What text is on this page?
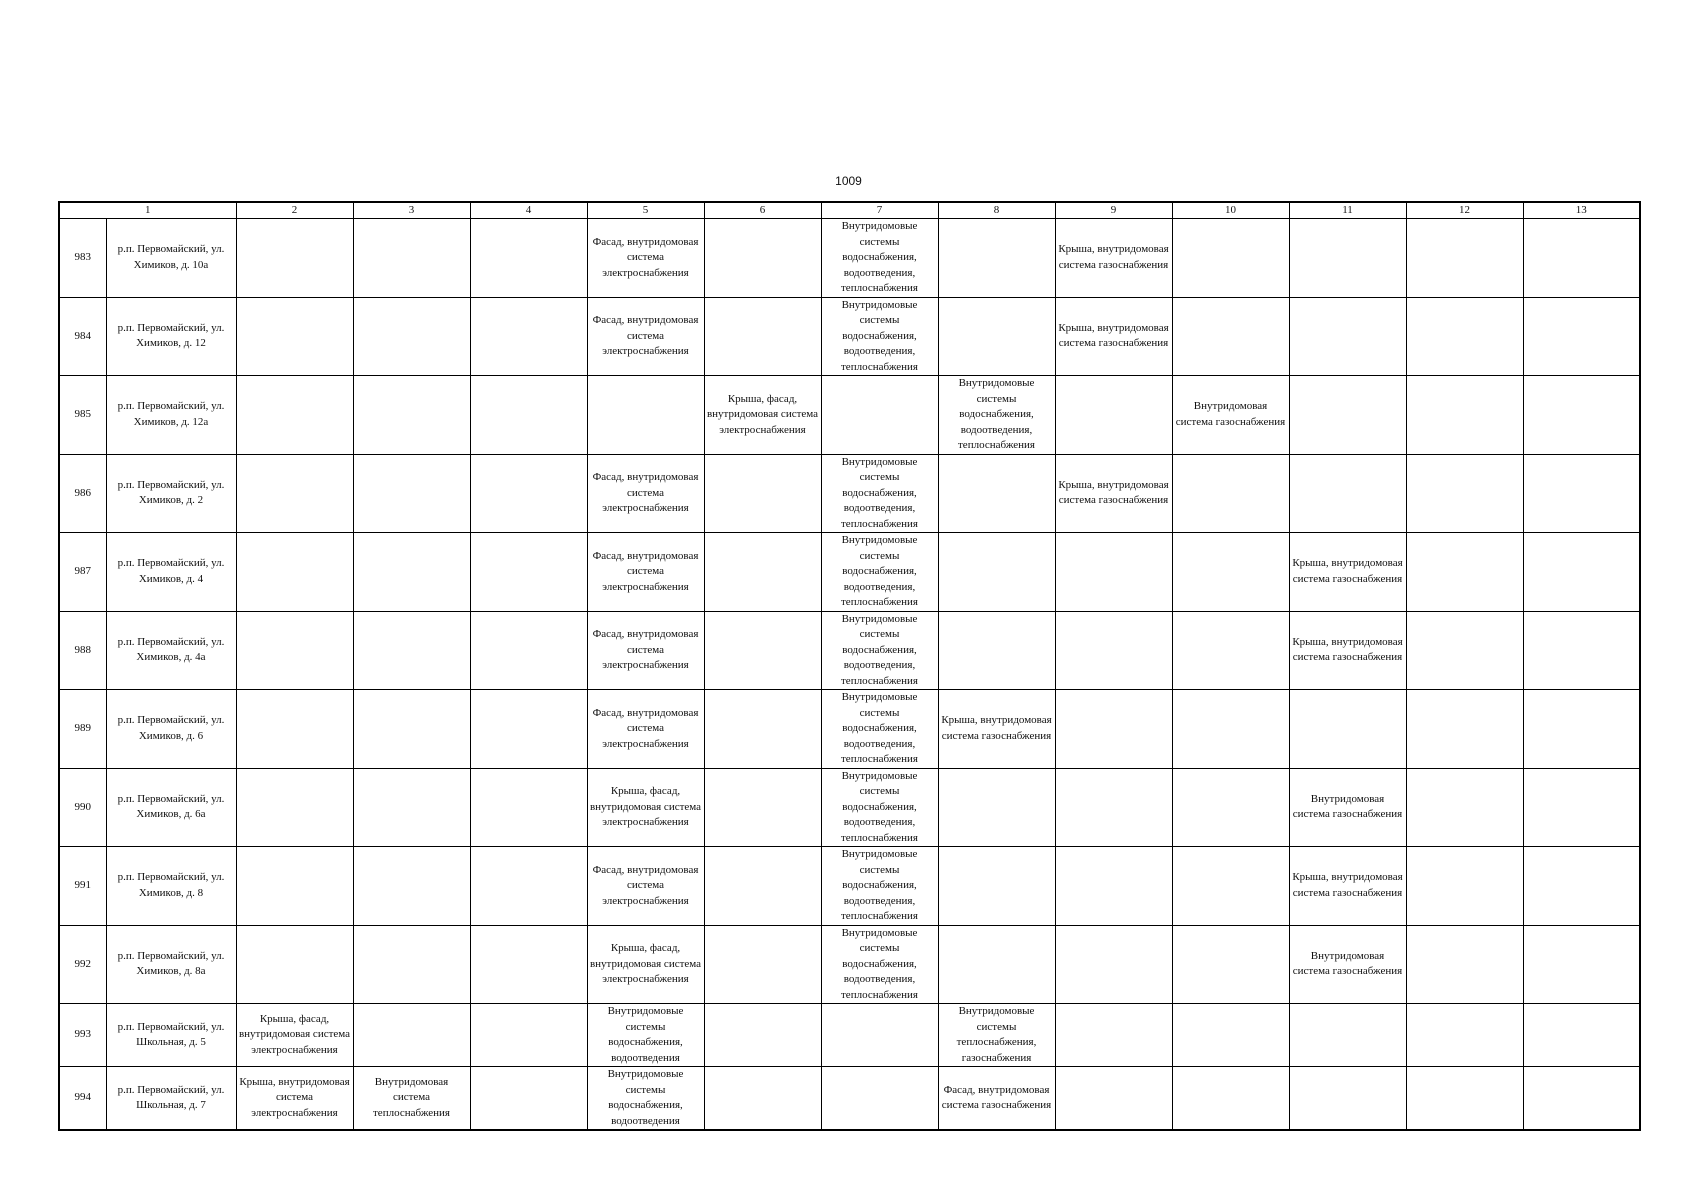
1009
1		2	3	4	5	6	7	8	9	10	11	12	13
983	р.п. Первомайский, ул. Химиков, д. 10а				Фасад, внутридомовая система электроснабжения		Внутридомовые системы водоснабжения, водоотведения, теплоснабжения		Крыша, внутридомовая система газоснабжения				
984	р.п. Первомайский, ул. Химиков, д. 12				Фасад, внутридомовая система электроснабжения		Внутридомовые системы водоснабжения, водоотведения, теплоснабжения		Крыша, внутридомовая система газоснабжения				
985	р.п. Первомайский, ул. Химиков, д. 12а					Крыша, фасад, внутридомовая система электроснабжения		Внутридомовые системы водоснабжения, водоотведения, теплоснабжения		Внутридомовая система газоснабжения			
986	р.п. Первомайский, ул. Химиков, д. 2				Фасад, внутридомовая система электроснабжения		Внутридомовые системы водоснабжения, водоотведения, теплоснабжения		Крыша, внутридомовая система газоснабжения				
987	р.п. Первомайский, ул. Химиков, д. 4				Фасад, внутридомовая система электроснабжения		Внутридомовые системы водоснабжения, водоотведения, теплоснабжения				Крыша, внутридомовая система газоснабжения		
988	р.п. Первомайский, ул. Химиков, д. 4а				Фасад, внутридомовая система электроснабжения		Внутридомовые системы водоснабжения, водоотведения, теплоснабжения				Крыша, внутридомовая система газоснабжения		
989	р.п. Первомайский, ул. Химиков, д. 6				Фасад, внутридомовая система электроснабжения		Внутридомовые системы водоснабжения, водоотведения, теплоснабжения	Крыша, внутридомовая система газоснабжения					
990	р.п. Первомайский, ул. Химиков, д. 6а				Крыша, фасад, внутридомовая система электроснабжения		Внутридомовые системы водоснабжения, водоотведения, теплоснабжения				Внутридомовая система газоснабжения		
991	р.п. Первомайский, ул. Химиков, д. 8				Фасад, внутридомовая система электроснабжения		Внутридомовые системы водоснабжения, водоотведения, теплоснабжения				Крыша, внутридомовая система газоснабжения		
992	р.п. Первомайский, ул. Химиков, д. 8а				Крыша, фасад, внутридомовая система электроснабжения		Внутридомовые системы водоснабжения, водоотведения, теплоснабжения				Внутридомовая система газоснабжения		
993	р.п. Первомайский, ул. Школьная, д. 5	Крыша, фасад, внутридомовая система электроснабжения			Внутридомовые системы водоснабжения, водоотведения			Внутридомовые системы теплоснабжения, газоснабжения					
994	р.п. Первомайский, ул. Школьная, д. 7	Крыша, внутридомовая система электроснабжения	Внутридомовая система теплоснабжения		Внутридомовые системы водоснабжения, водоотведения			Фасад, внутридомовая система газоснабжения					
